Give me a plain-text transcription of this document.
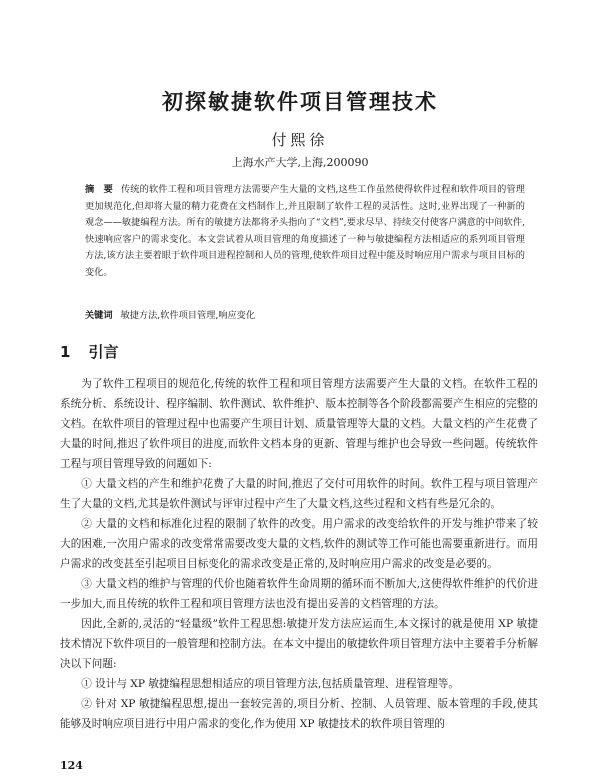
初探敏捷软件项目管理技术
付熙徐
上海水产大学,上海,200090
摘　要 传统的软件工程和项目管理方法需要产生大量的文档,这些工作虽然使得软件过程和软件项目的管理更加规范化,但却将大量的精力花费在文档制作上,并且限制了软件工程的灵活性。这时,业界出现了一种新的观念——敏捷编程方法。所有的敏捷方法都将矛头指向了“文档”,要求尽早、持续交付使客户满意的中间软件,快速响应客户的需求变化。本文尝试着从项目管理的角度描述了一种与敏捷编程方法相适应的系列项目管理方法,该方法主要着眼于软件项目进程控制和人员的管理,使软件项目过程中能及时响应用户需求与项目目标的变化。
关键词 敏捷方法,软件项目管理,响应变化
1 引言

为了软件工程项目的规范化,传统的软件工程和项目管理方法需要产生大量的文档。在软件工程的系统分析、系统设计、程序编制、软件测试、软件维护、版本控制等各个阶段都需要产生相应的完整的文档。在软件项目的管理过程中也需要产生项目计划、质量管理等大量的文档。大量文档的产生花费了大量的时间,推迟了软件项目的进度,而软件文档本身的更新、管理与维护也会导致一些问题。传统软件工程与项目管理导致的问题如下:

① 大量文档的产生和维护花费了大量的时间,推迟了交付可用软件的时间。软件工程与项目管理产生了大量的文档,尤其是软件测试与评审过程中产生了大量文档,这些过程和文档有些是冗余的。

② 大量的文档和标准化过程的限制了软件的改变。用户需求的改变给软件的开发与维护带来了较大的困难,一次用户需求的改变常常需要改变大量的文档,软件的测试等工作可能也需要重新进行。而用户需求的改变甚至引起项目目标变化的需求改变是正常的,及时响应用户需求的改变是必要的。

③ 大量文档的维护与管理的代价也随着软件生命周期的循环而不断加大,这使得软件维护的代价进一步加大,而且传统的软件工程和项目管理方法也没有提出妥善的文档管理的方法。

因此,全新的,灵活的“轻量级”软件工程思想:敏捷开发方法应运而生,本文探讨的就是使用 XP 敏捷技术情况下软件项目的一般管理和控制方法。在本文中提出的敏捷软件项目管理方法中主要着手分析解决以下问题:

① 设计与 XP 敏捷编程思想相适应的项目管理方法,包括质量管理、进程管理等。

② 针对 XP 敏捷编程思想,提出一套较完善的,项目分析、控制、人员管理、版本管理的手段,使其能够及时响应项目进行中用户需求的变化,作为使用 XP 敏捷技术的软件项目管理的

124
